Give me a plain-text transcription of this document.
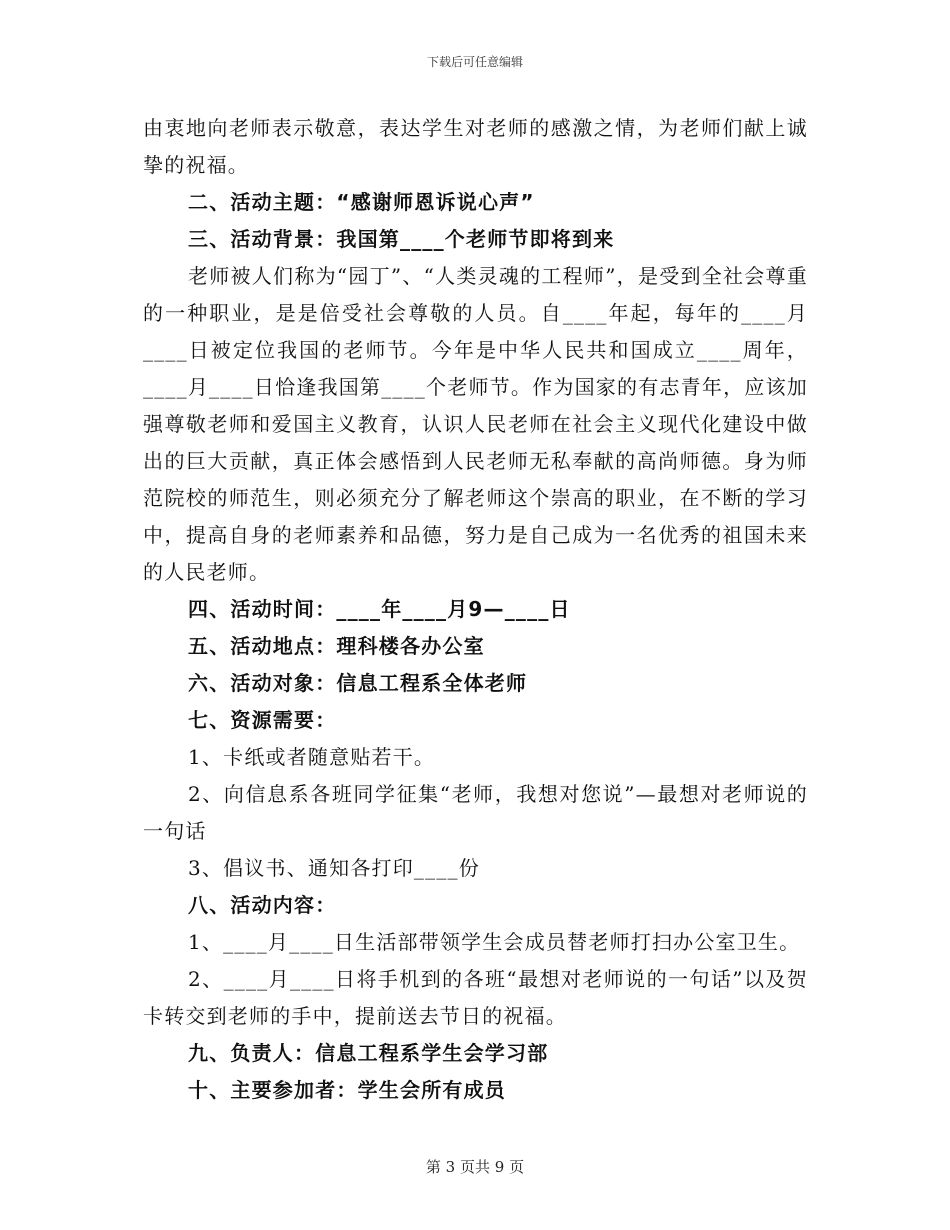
下载后可任意编辑

由衷地向老师表示敬意，表达学生对老师的感激之情，为老师们献上诚挚的祝福。

二、活动主题：“感谢师恩诉说心声”

三、活动背景：我国第____个老师节即将到来

老师被人们称为“园丁”、“人类灵魂的工程师”，是受到全社会尊重的一种职业，是是倍受社会尊敬的人员。自____年起，每年的____月____日被定位我国的老师节。今年是中华人民共和国成立____周年，____月____日恰逢我国第____个老师节。作为国家的有志青年，应该加强尊敬老师和爱国主义教育，认识人民老师在社会主义现代化建设中做出的巨大贡献，真正体会感悟到人民老师无私奉献的高尚师德。身为师范院校的师范生，则必须充分了解老师这个崇高的职业，在不断的学习中，提高自身的老师素养和品德，努力是自己成为一名优秀的祖国未来的人民老师。

四、活动时间：____年____月9—____日

五、活动地点：理科楼各办公室

六、活动对象：信息工程系全体老师

七、资源需要：

1、卡纸或者随意贴若干。

2、向信息系各班同学征集“老师，我想对您说”—最想对老师说的一句话

3、倡议书、通知各打印____份

八、活动内容：

1、____月____日生活部带领学生会成员替老师打扫办公室卫生。

2、____月____日将手机到的各班“最想对老师说的一句话”以及贺卡转交到老师的手中，提前送去节日的祝福。

九、负责人：信息工程系学生会学习部

十、主要参加者：学生会所有成员

第 3 页共 9 页
